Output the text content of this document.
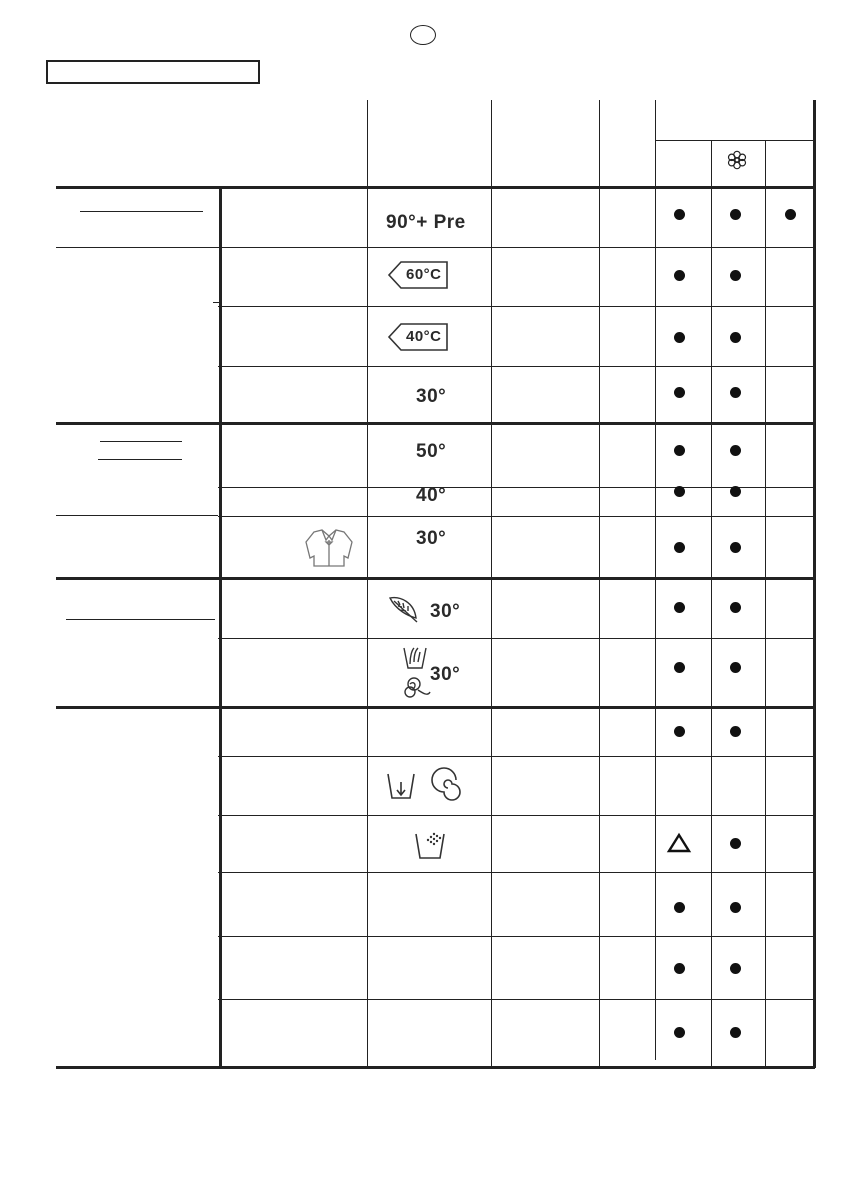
90°+ Pre
30°
50°
40°
30°
30°
30°
60°C
40°C
